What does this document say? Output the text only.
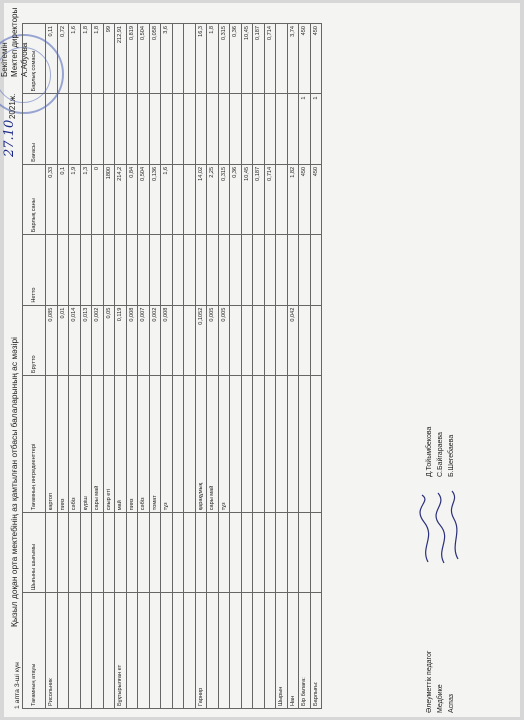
Бекітемін Мектеп директоры А.Абуова
Қызыл доқан орта мектебінің аз қамтылған отбасы балаларының ас мәзірі
27.10
2021ж.
1 апта 3-ші күн Тағамның атауы	Шығыны шығымы	Тағамның ингредиенттері	Брутто	Нетто	Барлық саны	Бағасы	Барлық сомасы
Рисольник		картоп	0,085		0,33		0,11
		пияз	0,01		0,1		0,72
		сәбіз	0,014		1,9		1,6
		күріш	0,013		1,3		1,8
		сары май	0,002		0		1,8
		сиыр еті	0,05		1800		99
Бұқтырылған ет		май	0,119		214,2		212,91
		пияз	0,008		0,84		0,819
		сәбіз	0,007		0,504		0,504
		томат	0,002		0,136		0,058
		тұз	0,008		1,6		3,6

Гарнир		қарақұмық	0,1052		14,02		16,3
		сары май	0,005		2,25		1,8
		тұз	0,005		0,315		0,315
					0,36		0,36
					10,45		10,45
					0,187		0,187
					0,714		0,714
Шырын							
Нан			0,042		1,82		3,74
Бір балаға:					450	1	450
Барлығы:					450	1	450
Әлеуметтік педагог Медбике Аспаз
Д.Тойымбекова С.Байгараева Б.Шегебаева
